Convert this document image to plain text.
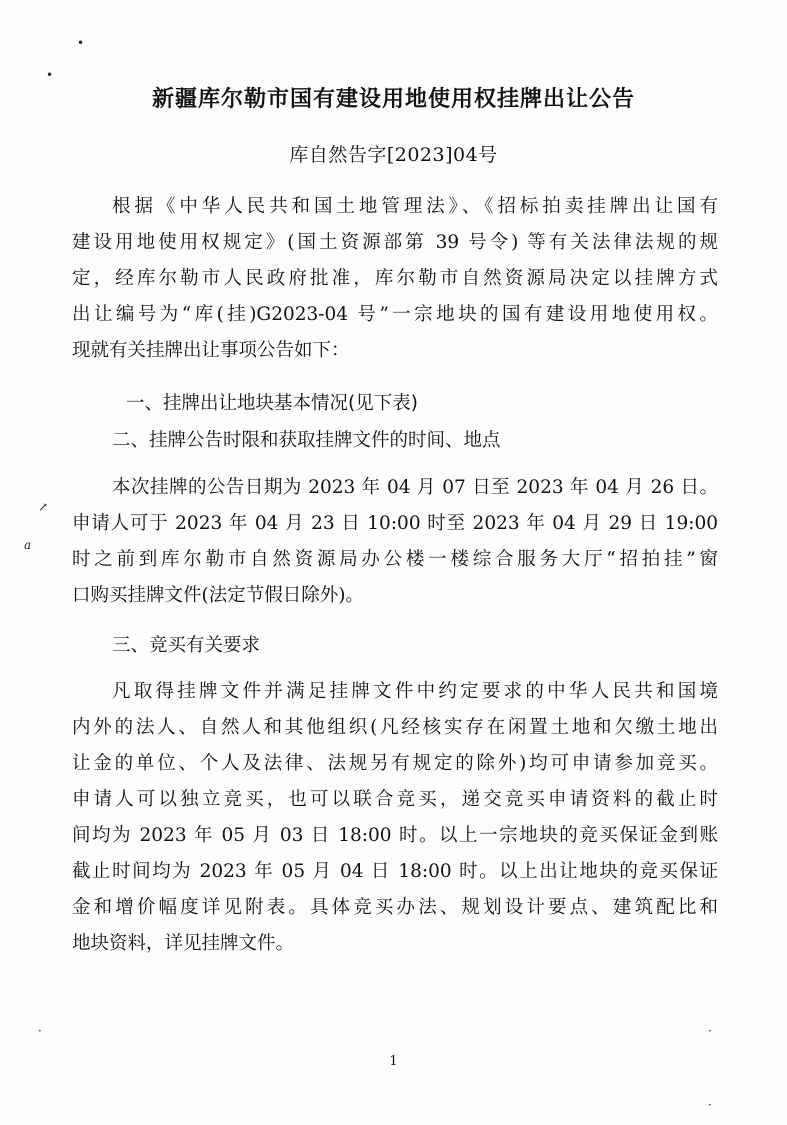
•
•
↗
a
·	·
·
新疆库尔勒市国有建设用地使用权挂牌出让公告
库自然告字[2023]04号
根据《中华人民共和国土地管理法》、《招标拍卖挂牌出让国有
建设用地使用权规定》(国土资源部第 39 号令) 等有关法律法规的规
定，经库尔勒市人民政府批准，库尔勒市自然资源局决定以挂牌方式
出让编号为“库(挂)G2023-04 号”一宗地块的国有建设用地使用权。
现就有关挂牌出让事项公告如下：
一、挂牌出让地块基本情况(见下表)
二、挂牌公告时限和获取挂牌文件的时间、地点
本次挂牌的公告日期为 2023 年 04 月 07 日至 2023 年 04 月 26 日。
申请人可于 2023 年 04 月 23 日 10:00 时至 2023 年 04 月 29 日 19:00
时之前到库尔勒市自然资源局办公楼一楼综合服务大厅“招拍挂”窗
口购买挂牌文件(法定节假日除外)。
三、竞买有关要求
凡取得挂牌文件并满足挂牌文件中约定要求的中华人民共和国境
内外的法人、自然人和其他组织(凡经核实存在闲置土地和欠缴土地出
让金的单位、个人及法律、法规另有规定的除外)均可申请参加竞买。
申请人可以独立竞买，也可以联合竞买，递交竞买申请资料的截止时
间均为 2023 年 05 月 03 日 18:00 时。以上一宗地块的竞买保证金到账
截止时间均为 2023 年 05 月 04 日 18:00 时。以上出让地块的竞买保证
金和增价幅度详见附表。具体竞买办法、规划设计要点、建筑配比和
地块资料，详见挂牌文件。
1
